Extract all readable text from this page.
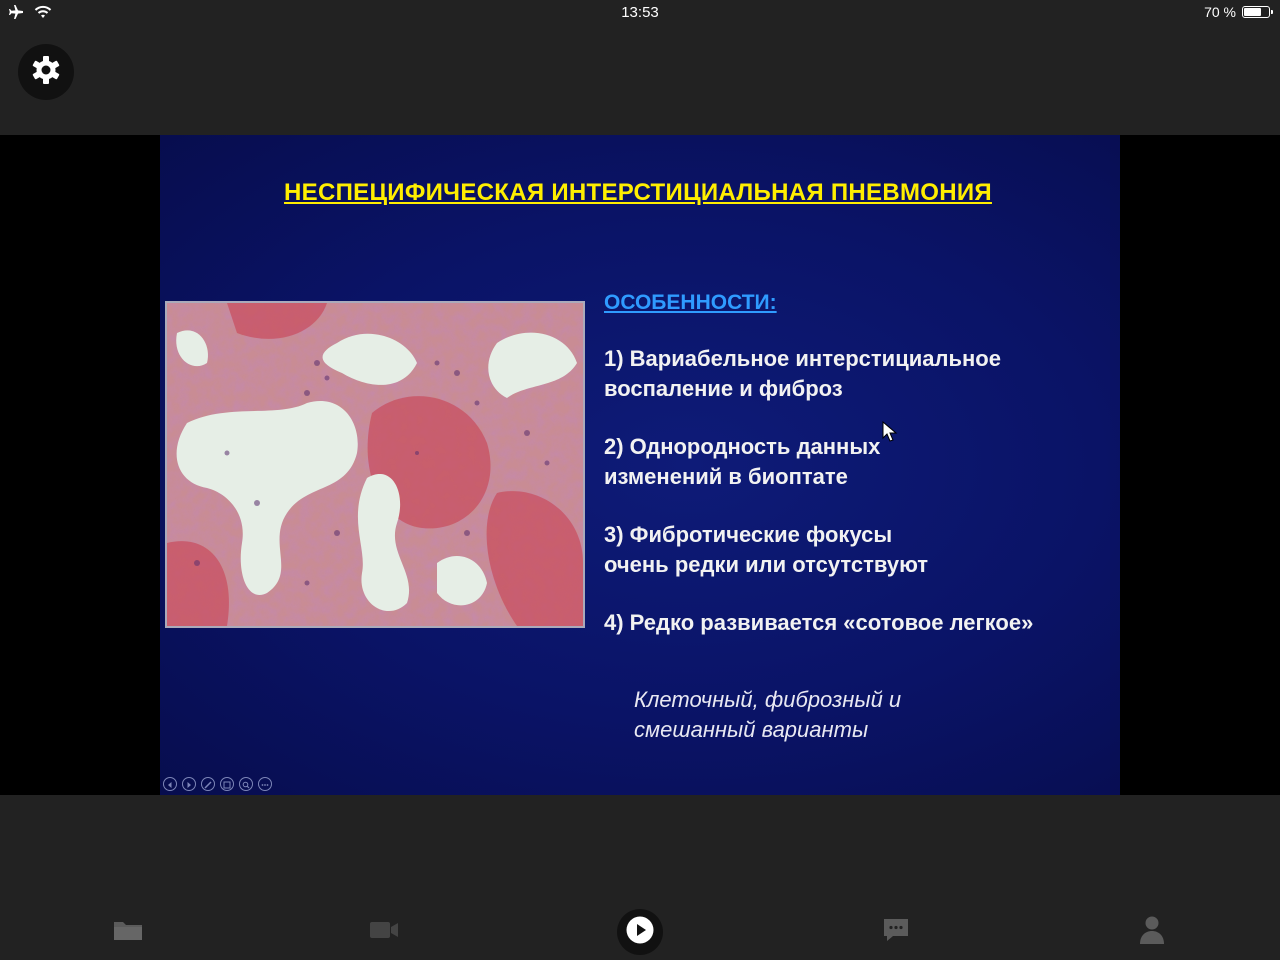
13:53	70 %
НЕСПЕЦИФИЧЕСКАЯ ИНТЕРСТИЦИАЛЬНАЯ ПНЕВМОНИЯ
ОСОБЕННОСТИ:
1) Вариабельное интерстициальное
воспаление и фиброз
2) Однородность данных
изменений в биоптате
3) Фибротические фокусы
очень редки или отсутствуют
4) Редко развивается «сотовое легкое»
Клеточный, фиброзный и
смешанный варианты
